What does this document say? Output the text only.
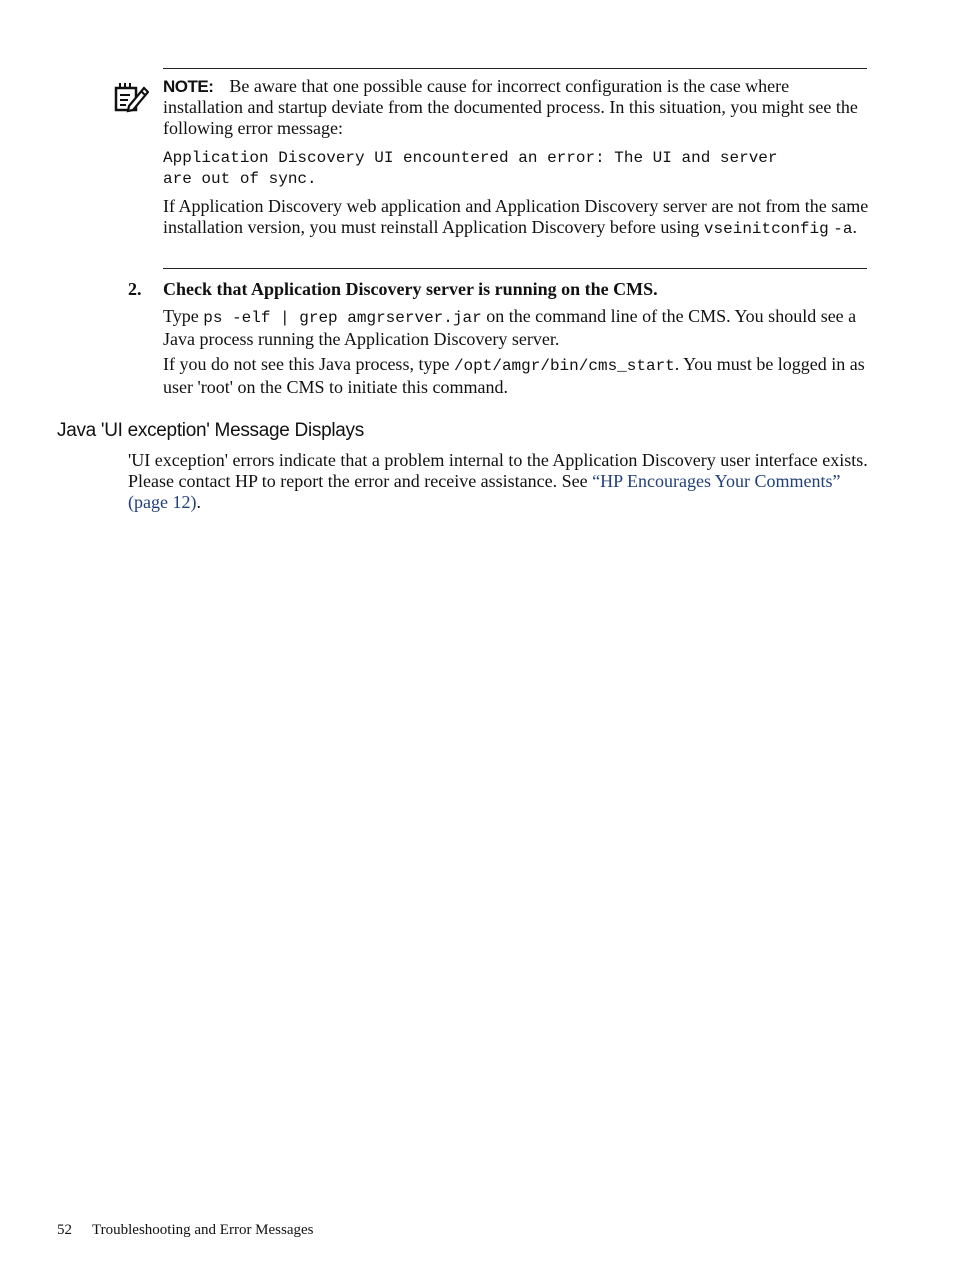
NOTE: Be aware that one possible cause for incorrect configuration is the case where installation and startup deviate from the documented process. In this situation, you might see the following error message:

Application Discovery UI encountered an error: The UI and server
are out of sync.

If Application Discovery web application and Application Discovery server are not from the same installation version, you must reinstall Application Discovery before using vseinitconfig -a.

2. Check that Application Discovery server is running on the CMS.

Type ps -elf | grep amgrserver.jar on the command line of the CMS. You should see a Java process running the Application Discovery server.

If you do not see this Java process, type /opt/amgr/bin/cms_start. You must be logged in as user 'root' on the CMS to initiate this command.

Java 'UI exception' Message Displays

'UI exception' errors indicate that a problem internal to the Application Discovery user interface exists. Please contact HP to report the error and receive assistance. See “HP Encourages Your Comments” (page 12).

52 Troubleshooting and Error Messages
